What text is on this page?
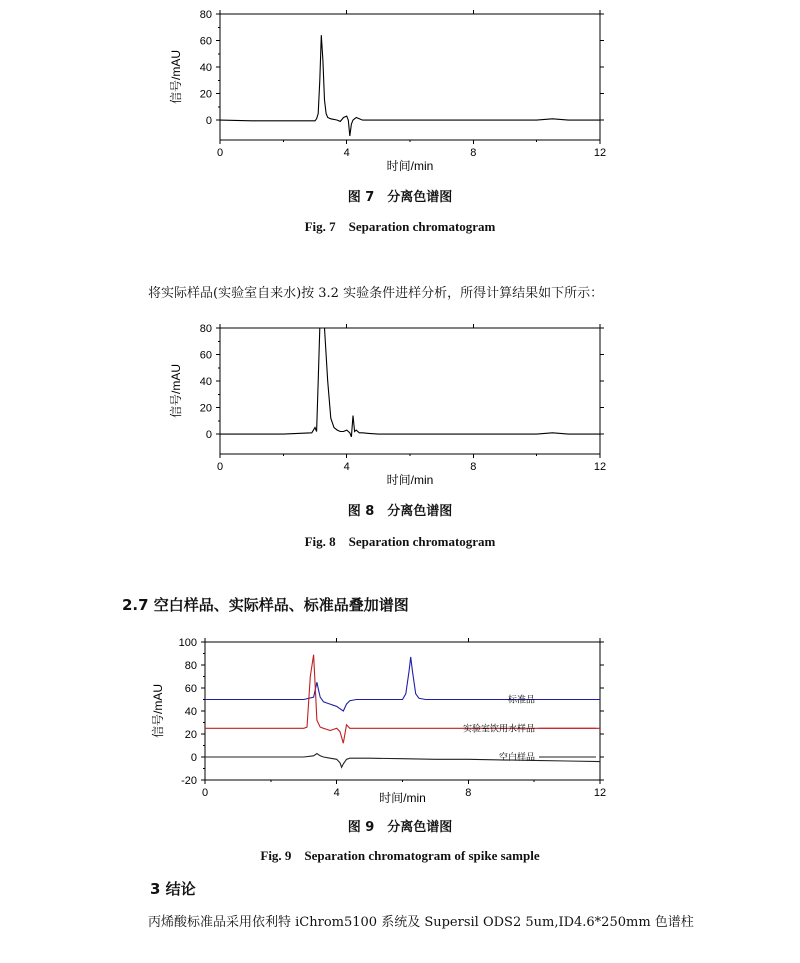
0	4	8	12
0
20
40
60
80
时间/min
信号/mAU
图 7　分离色谱图
Fig. 7    Separation chromatogram
将实际样品(实验室自来水)按 3.2 实验条件进样分析，所得计算结果如下所示：
0	4	8	12
0
20
40
60
80
时间/min
信号/mAU
图 8　分离色谱图
Fig. 8    Separation chromatogram
2.7 空白样品、实际样品、标准品叠加谱图
0	4	8	12
-20
0
20
40
60
80
100
时间/min
信号/mAU	标准品
实验室饮用水样品
空白样品
图 9　分离色谱图
Fig. 9    Separation chromatogram of spike sample
3 结论
丙烯酸标准品采用依利特 iChrom5100 系统及 Supersil ODS2 5um,ID4.6*250mm 色谱柱
